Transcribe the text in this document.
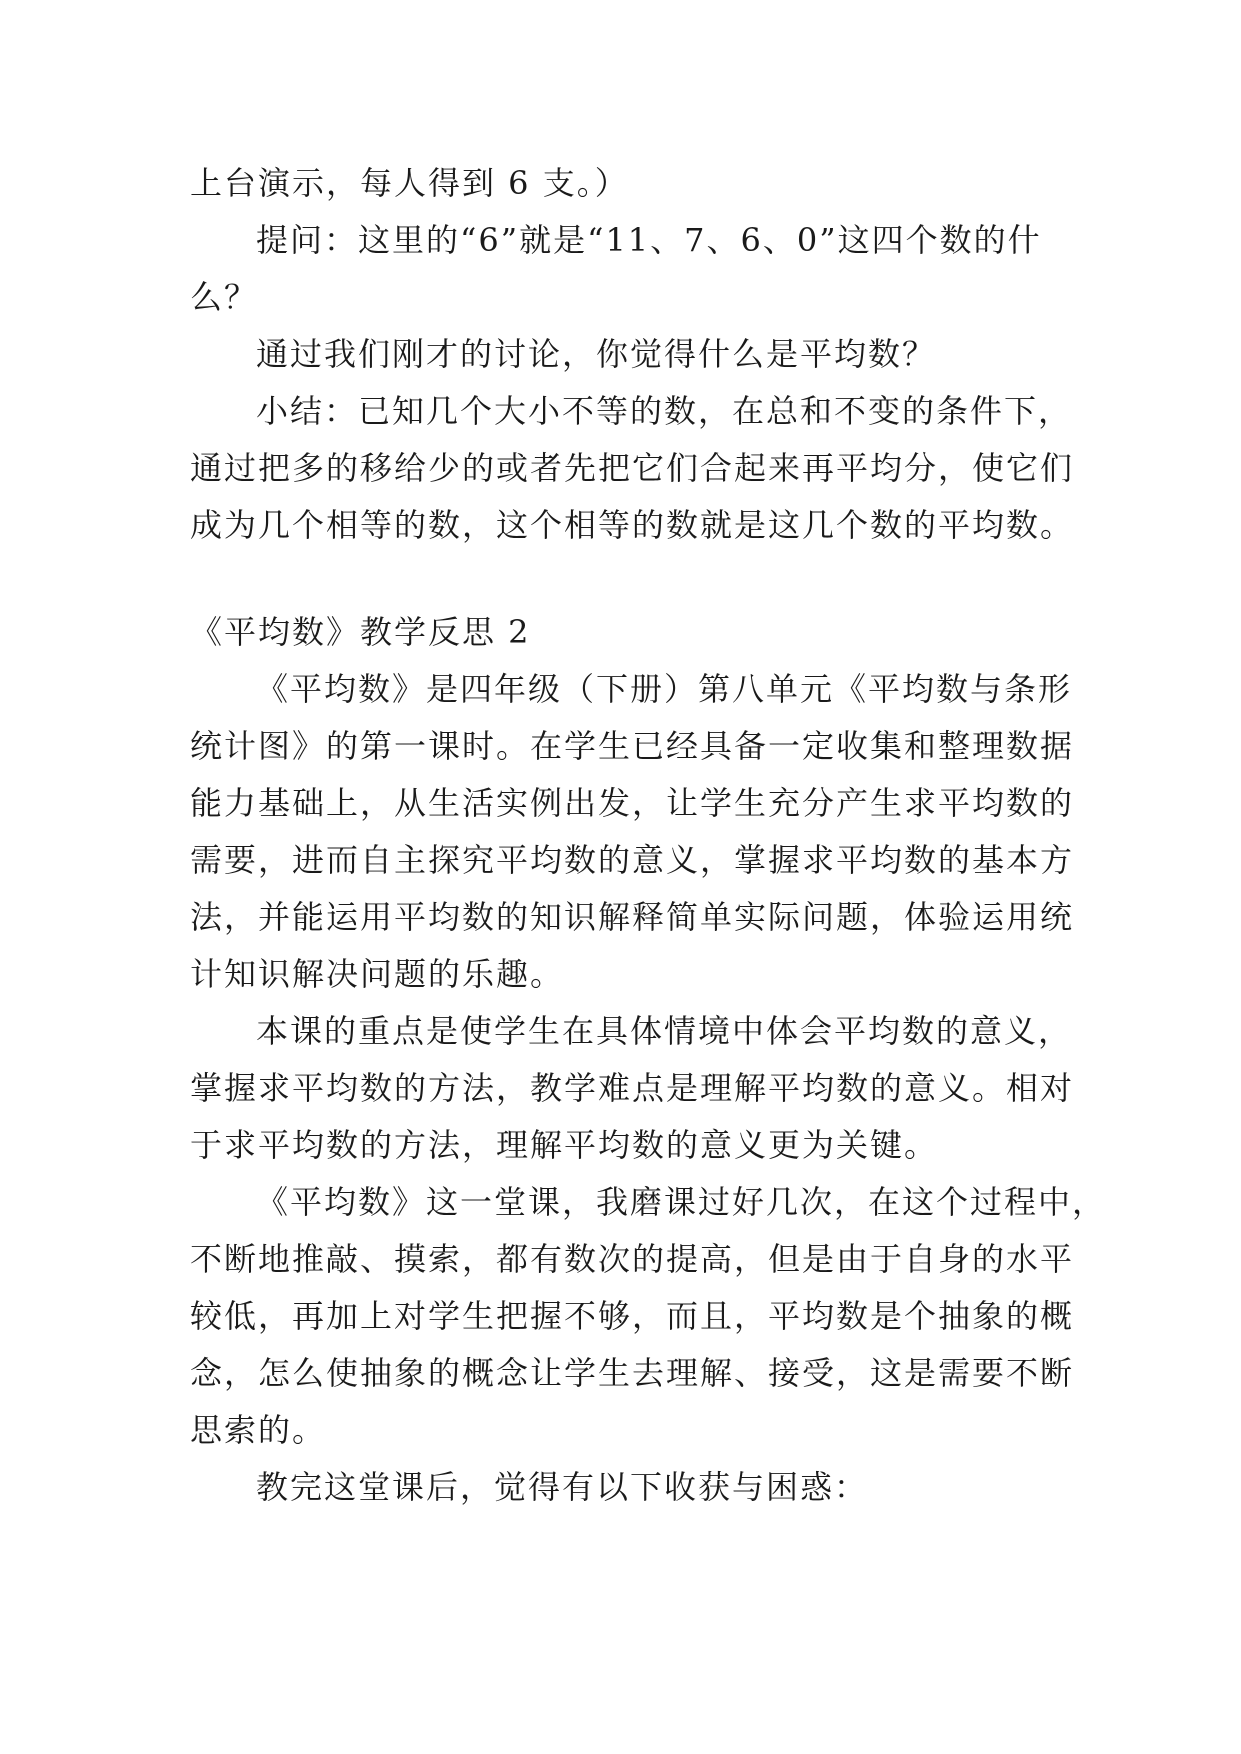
上台演示，每人得到 6 支。）
提问：这里的“6”就是“11、7、6、0”这四个数的什
么？
通过我们刚才的讨论，你觉得什么是平均数？
小结：已知几个大小不等的数，在总和不变的条件下，
通过把多的移给少的或者先把它们合起来再平均分，使它们
成为几个相等的数，这个相等的数就是这几个数的平均数。
《平均数》教学反思 2
《平均数》是四年级（下册）第八单元《平均数与条形
统计图》的第一课时。在学生已经具备一定收集和整理数据
能力基础上，从生活实例出发，让学生充分产生求平均数的
需要，进而自主探究平均数的意义，掌握求平均数的基本方
法，并能运用平均数的知识解释简单实际问题，体验运用统
计知识解决问题的乐趣。
本课的重点是使学生在具体情境中体会平均数的意义，
掌握求平均数的方法，教学难点是理解平均数的意义。相对
于求平均数的方法，理解平均数的意义更为关键。
《平均数》这一堂课，我磨课过好几次，在这个过程中，
不断地推敲、摸索，都有数次的提高，但是由于自身的水平
较低，再加上对学生把握不够，而且，平均数是个抽象的概
念，怎么使抽象的概念让学生去理解、接受，这是需要不断
思索的。
教完这堂课后，觉得有以下收获与困惑：
